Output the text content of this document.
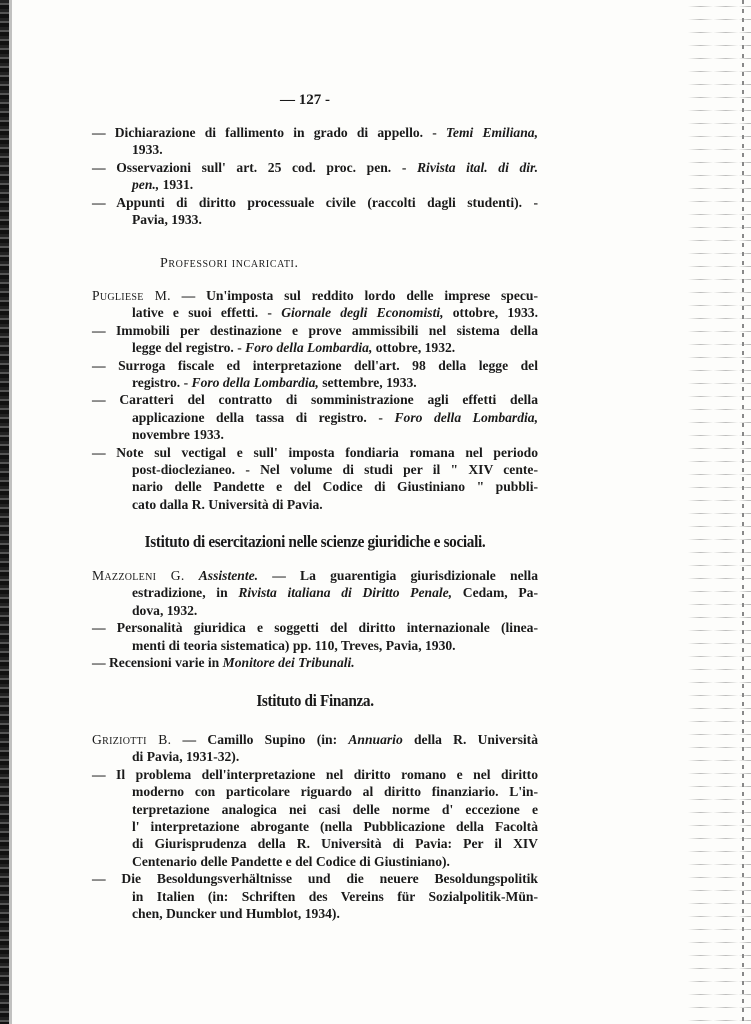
— 127 -
— Dichiarazione di fallimento in grado di appello. - Temi Emiliana,
1933.
— Osservazioni sull' art. 25 cod. proc. pen. - Rivista ital. di dir.
pen., 1931.
— Appunti di diritto processuale civile (raccolti dagli studenti). -
Pavia, 1933.
Professori incaricati.
Pugliese M. — Un'imposta sul reddito lordo delle imprese specu-
lative e suoi effetti. - Giornale degli Economisti, ottobre, 1933.
— Immobili per destinazione e prove ammissibili nel sistema della
legge del registro. - Foro della Lombardia, ottobre, 1932.
— Surroga fiscale ed interpretazione dell'art. 98 della legge del
registro. - Foro della Lombardia, settembre, 1933.
— Caratteri del contratto di somministrazione agli effetti della
applicazione della tassa di registro. - Foro della Lombardia,
novembre 1933.
— Note sul vectigal e sull' imposta fondiaria romana nel periodo
post-dioclezianeo. - Nel volume di studi per il " XIV cente-
nario delle Pandette e del Codice di Giustiniano " pubbli-
cato dalla R. Università di Pavia.
Istituto di esercitazioni nelle scienze giuridiche e sociali.
Mazzoleni G. Assistente. — La guarentigia giurisdizionale nella
estradizione, in Rivista italiana di Diritto Penale, Cedam, Pa-
dova, 1932.
— Personalità giuridica e soggetti del diritto internazionale (linea-
menti di teoria sistematica) pp. 110, Treves, Pavia, 1930.
— Recensioni varie in Monitore dei Tribunali.
Istituto di Finanza.
Griziotti B. — Camillo Supino (in: Annuario della R. Università
di Pavia, 1931-32).
— Il problema dell'interpretazione nel diritto romano e nel diritto
moderno con particolare riguardo al diritto finanziario. L'in-
terpretazione analogica nei casi delle norme d' eccezione e
l' interpretazione abrogante (nella Pubblicazione della Facoltà
di Giurisprudenza della R. Università di Pavia: Per il XIV
Centenario delle Pandette e del Codice di Giustiniano).
— Die Besoldungsverhältnisse und die neuere Besoldungspolitik
in Italien (in: Schriften des Vereins für Sozialpolitik-Mün-
chen, Duncker und Humblot, 1934).
